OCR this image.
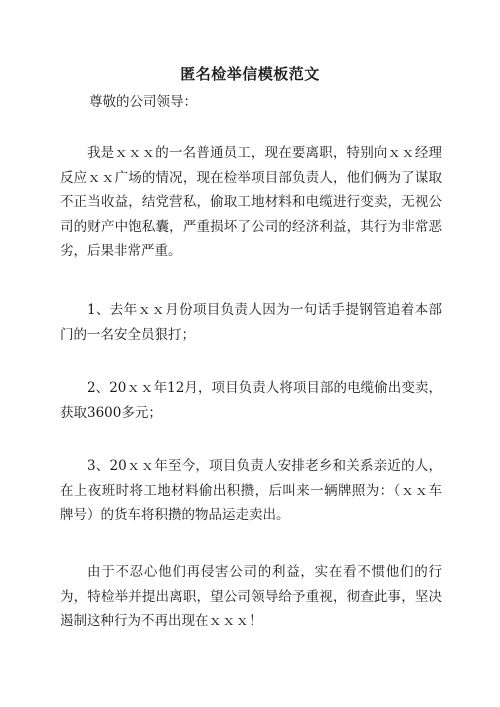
匿名检举信模板范文
尊敬的公司领导：

我是ｘｘｘ的一名普通员工，现在要离职，特别向ｘｘ经理反应ｘｘ广场的情况，现在检举项目部负责人，他们俩为了谋取不正当收益，结党营私，偷取工地材料和电缆进行变卖，无视公司的财产中饱私囊，严重损坏了公司的经济利益，其行为非常恶劣，后果非常严重。

1、去年ｘｘ月份项目负责人因为一句话手提钢管追着本部门的一名安全员狠打；

2、20ｘｘ年12月，项目负责人将项目部的电缆偷出变卖，获取3600多元；

3、20ｘｘ年至今，项目负责人安排老乡和关系亲近的人，在上夜班时将工地材料偷出积攒，后叫来一辆牌照为：（ｘｘ车牌号）的货车将积攒的物品运走卖出。

由于不忍心他们再侵害公司的利益，实在看不惯他们的行为，特检举并提出离职，望公司领导给予重视，彻查此事，坚决遏制这种行为不再出现在ｘｘｘ！
